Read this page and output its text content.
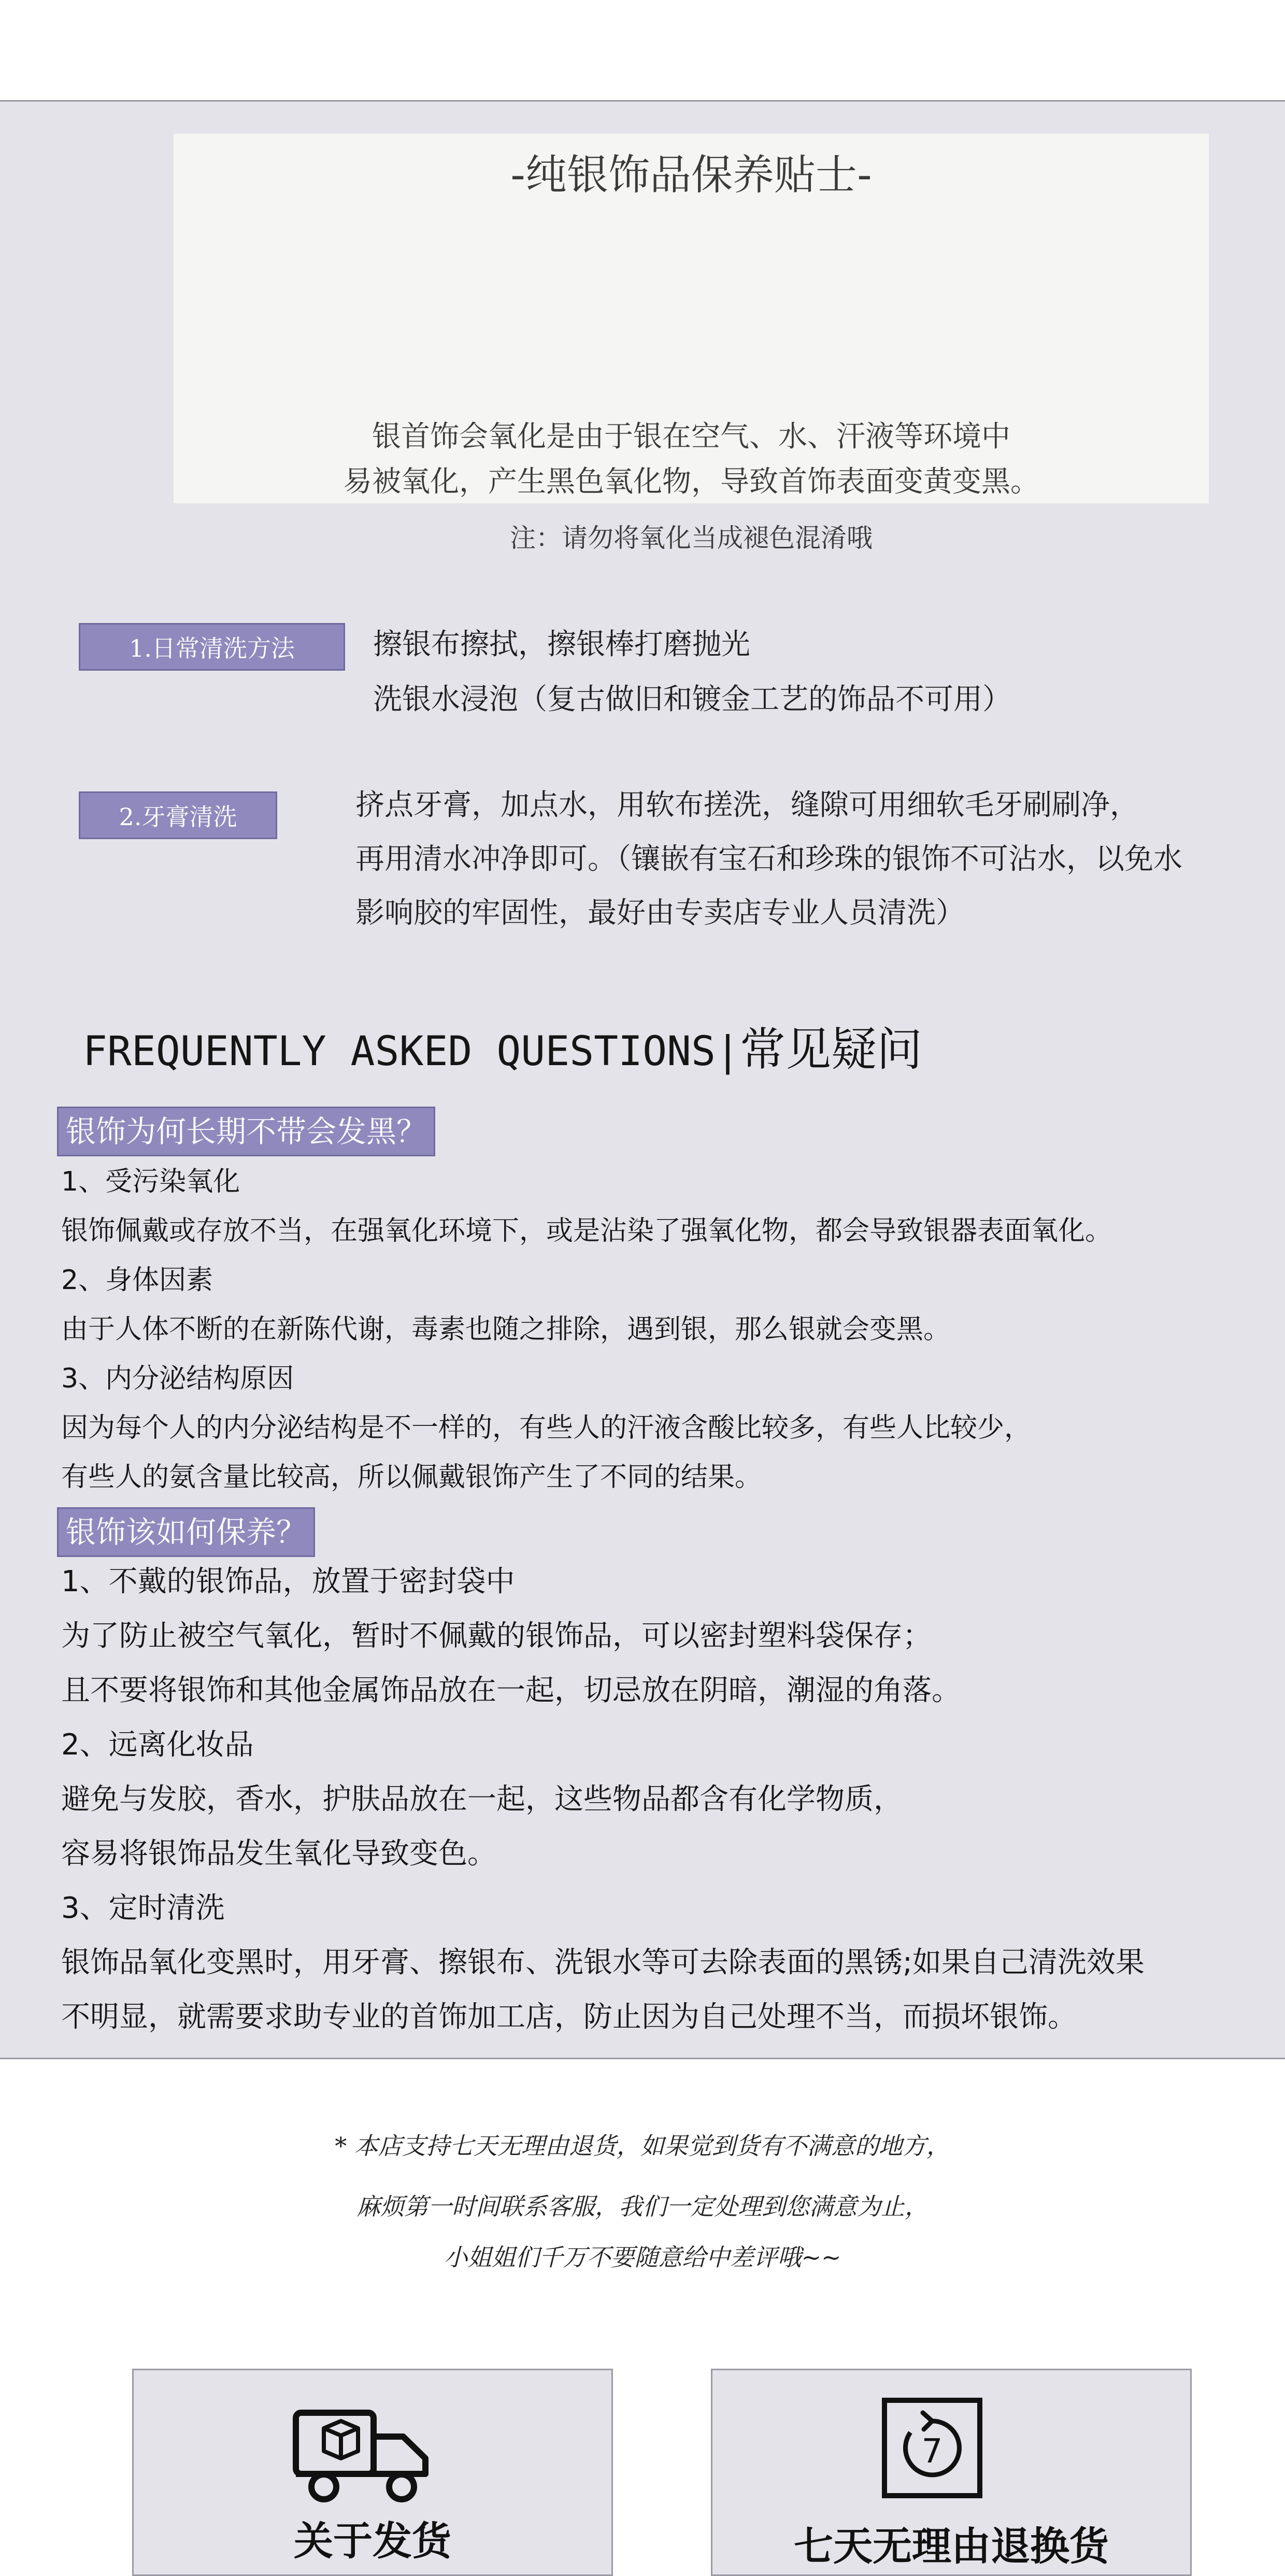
-纯银饰品保养贴士-
银首饰会氧化是由于银在空气、水、汗液等环境中
易被氧化，产生黑色氧化物，导致首饰表面变黄变黑。
注：请勿将氧化当成褪色混淆哦
1.日常清洗方法	擦银布擦拭，擦银棒打磨抛光
洗银水浸泡（复古做旧和镀金工艺的饰品不可用）
2.牙膏清洗	挤点牙膏，加点水，用软布搓洗，缝隙可用细软毛牙刷刷净，
再用清水冲净即可。（镶嵌有宝石和珍珠的银饰不可沾水，以免水
影响胶的牢固性，最好由专卖店专业人员清洗）
FREQUENTLY ASKED QUESTIONS|常见疑问
银饰为何长期不带会发黑？
1、受污染氧化
银饰佩戴或存放不当，在强氧化环境下，或是沾染了强氧化物，都会导致银器表面氧化。
2、身体因素
由于人体不断的在新陈代谢，毒素也随之排除，遇到银，那么银就会变黑。
3、内分泌结构原因
因为每个人的内分泌结构是不一样的，有些人的汗液含酸比较多，有些人比较少，
有些人的氨含量比较高，所以佩戴银饰产生了不同的结果。
银饰该如何保养？
1、不戴的银饰品，放置于密封袋中
为了防止被空气氧化，暂时不佩戴的银饰品，可以密封塑料袋保存；
且不要将银饰和其他金属饰品放在一起，切忌放在阴暗，潮湿的角落。
2、远离化妆品
避免与发胶，香水，护肤品放在一起，这些物品都含有化学物质，
容易将银饰品发生氧化导致变色。
3、定时清洗
银饰品氧化变黑时，用牙膏、擦银布、洗银水等可去除表面的黑锈;如果自己清洗效果
不明显，就需要求助专业的首饰加工店，防止因为自己处理不当，而损坏银饰。
* 本店支持七天无理由退货，如果觉到货有不满意的地方，
麻烦第一时间联系客服，我们一定处理到您满意为止，
小姐姐们千万不要随意给中差评哦~~
关于发货
7
七天无理由退换货
